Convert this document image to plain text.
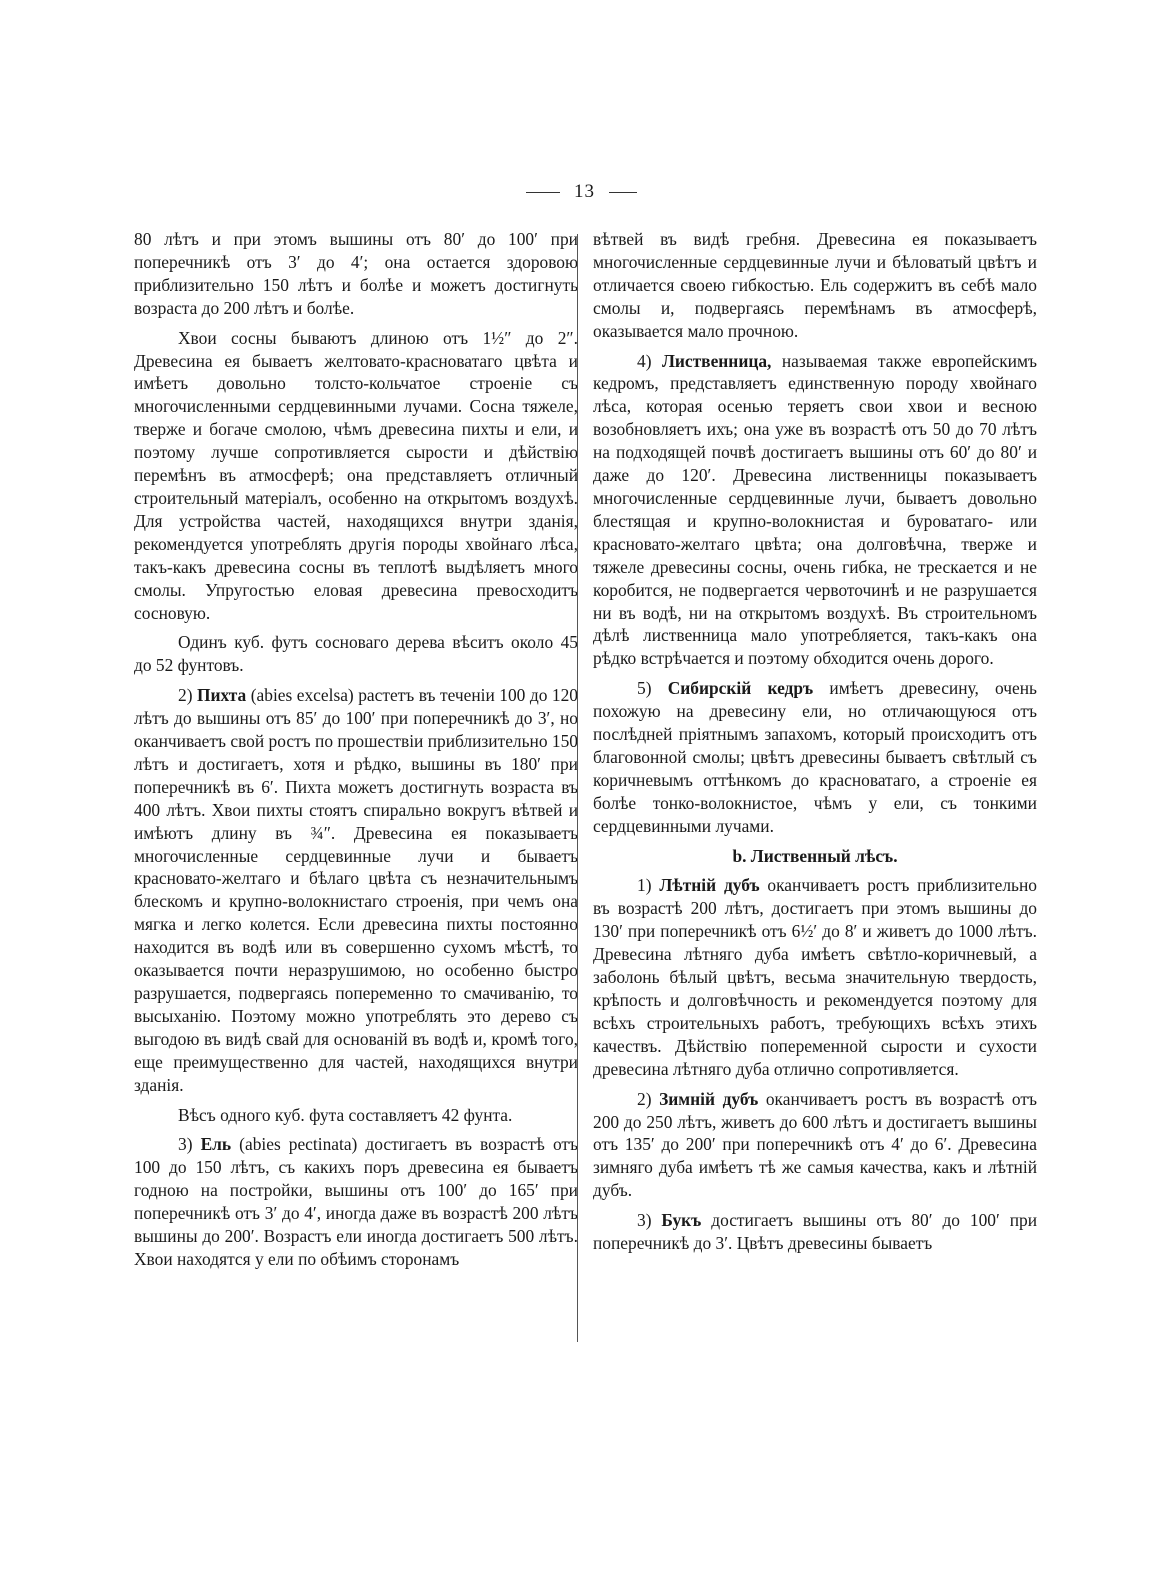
13

80 лѣтъ и при этомъ вышины отъ 80′ до 100′ при поперечникѣ отъ 3′ до 4′; она остается здоровою приблизительно 150 лѣтъ и болѣе и можетъ достигнуть возраста до 200 лѣтъ и болѣе.

Хвои сосны бываютъ длиною отъ 1½″ до 2″. Древесина ея бываетъ желтовато-красноватаго цвѣта и имѣетъ довольно толсто-кольчатое строеніе съ многочисленными сердцевинными лучами. Сосна тяжеле, тверже и богаче смолою, чѣмъ древесина пихты и ели, и поэтому лучше сопротивляется сырости и дѣйствію перемѣнъ въ атмосферѣ; она представляетъ отличный строительный матеріалъ, особенно на открытомъ воздухѣ. Для устройства частей, находящихся внутри зданія, рекомендуется употреблять другія породы хвойнаго лѣса, такъ-какъ древесина сосны въ теплотѣ выдѣляетъ много смолы. Упругостью еловая древесина превосходитъ сосновую.

Одинъ куб. футъ сосноваго дерева вѣситъ около 45 до 52 фунтовъ.

2) Пихта (abies excelsa) растетъ въ теченіи 100 до 120 лѣтъ до вышины отъ 85′ до 100′ при поперечникѣ до 3′, но оканчиваетъ свой ростъ по прошествіи приблизительно 150 лѣтъ и достигаетъ, хотя и рѣдко, вышины въ 180′ при поперечникѣ въ 6′. Пихта можетъ достигнуть возраста въ 400 лѣтъ. Хвои пихты стоятъ спирально вокругъ вѣтвей и имѣютъ длину въ ¾″. Древесина ея показываетъ многочисленные сердцевинные лучи и бываетъ красновато-желтаго и бѣлаго цвѣта съ незначительнымъ блескомъ и крупно-волокнистаго строенія, при чемъ она мягка и легко колется. Если древесина пихты постоянно находится въ водѣ или въ совершенно сухомъ мѣстѣ, то оказывается почти неразрушимою, но особенно быстро разрушается, подвергаясь попеременно то смачиванію, то высыханію. Поэтому можно употреблять это дерево съ выгодою въ видѣ свай для основаній въ водѣ и, кромѣ того, еще преимущественно для частей, находящихся внутри зданія.

Вѣсъ одного куб. фута составляетъ 42 фунта.

3) Ель (abies pectinata) достигаетъ въ возрастѣ отъ 100 до 150 лѣтъ, съ какихъ поръ древесина ея бываетъ годною на постройки, вышины отъ 100′ до 165′ при поперечникѣ отъ 3′ до 4′, иногда даже въ возрастѣ 200 лѣтъ вышины до 200′. Возрастъ ели иногда достигаетъ 500 лѣтъ. Хвои находятся у ели по обѣимъ сторонамъ

вѣтвей въ видѣ гребня. Древесина ея показываетъ многочисленные сердцевинные лучи и бѣловатый цвѣтъ и отличается своею гибкостью. Ель содержитъ въ себѣ мало смолы и, подвергаясь перемѣнамъ въ атмосферѣ, оказывается мало прочною.

4) Лиственница, называемая также европейскимъ кедромъ, представляетъ единственную породу хвойнаго лѣса, которая осенью теряетъ свои хвои и весною возобновляетъ ихъ; она уже въ возрастѣ отъ 50 до 70 лѣтъ на подходящей почвѣ достигаетъ вышины отъ 60′ до 80′ и даже до 120′. Древесина лиственницы показываетъ многочисленные сердцевинные лучи, бываетъ довольно блестящая и крупно-волокнистая и буроватаго- или красновато-желтаго цвѣта; она долговѣчна, тверже и тяжеле древесины сосны, очень гибка, не трескается и не коробится, не подвергается червоточинѣ и не разрушается ни въ водѣ, ни на открытомъ воздухѣ. Въ строительномъ дѣлѣ лиственница мало употребляется, такъ-какъ она рѣдко встрѣчается и поэтому обходится очень дорого.

5) Сибирскій кедръ имѣетъ древесину, очень похожую на древесину ели, но отличающуюся отъ послѣдней пріятнымъ запахомъ, который происходитъ отъ благовонной смолы; цвѣтъ древесины бываетъ свѣтлый съ коричневымъ оттѣнкомъ до красноватаго, а строеніе ея болѣе тонко-волокнистое, чѣмъ у ели, съ тонкими сердцевинными лучами.

b. Лиственный лѣсъ.

1) Лѣтній дубъ оканчиваетъ ростъ приблизительно въ возрастѣ 200 лѣтъ, достигаетъ при этомъ вышины до 130′ при поперечникѣ отъ 6½′ до 8′ и живетъ до 1000 лѣтъ. Древесина лѣтняго дуба имѣетъ свѣтло-коричневый, а заболонь бѣлый цвѣтъ, весьма значительную твердость, крѣпость и долговѣчность и рекомендуется поэтому для всѣхъ строительныхъ работъ, требующихъ всѣхъ этихъ качествъ. Дѣйствію попеременной сырости и сухости древесина лѣтняго дуба отлично сопротивляется.

2) Зимній дубъ оканчиваетъ ростъ въ возрастѣ отъ 200 до 250 лѣтъ, живетъ до 600 лѣтъ и достигаетъ вышины отъ 135′ до 200′ при поперечникѣ отъ 4′ до 6′. Древесина зимняго дуба имѣетъ тѣ же самыя качества, какъ и лѣтній дубъ.

3) Букъ достигаетъ вышины отъ 80′ до 100′ при поперечникѣ до 3′. Цвѣтъ древесины бываетъ
